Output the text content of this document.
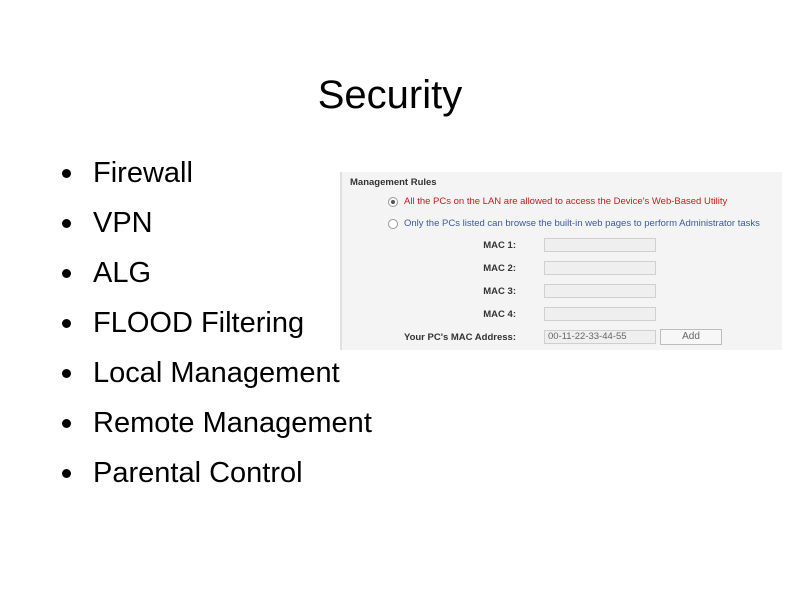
Security
Firewall
VPN
ALG
FLOOD Filtering
Local Management
Remote Management
Parental Control
Management Rules
All the PCs on the LAN are allowed to access the Device's Web-Based Utility
Only the PCs listed can browse the built-in web pages to perform Administrator tasks
MAC 1:
MAC 2:
MAC 3:
MAC 4:
Your PC's MAC Address:	00-11-22-33-44-55	Add
